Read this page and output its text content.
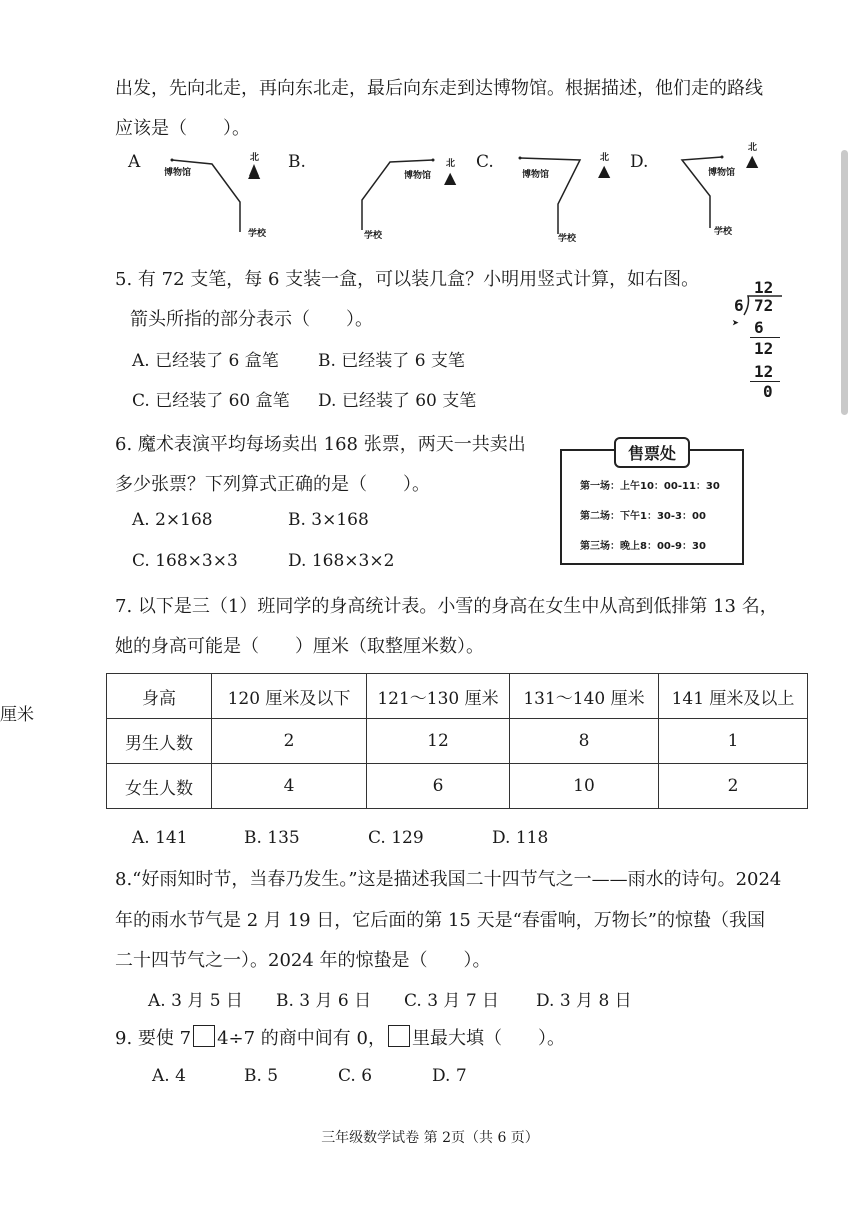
厘米
出发，先向北走，再向东北走，最后向东走到达博物馆。根据描述，他们走的路线
应该是（　　）。
A
博物馆
学校
北
▲ B.
博物馆
学校
北
▲
C.
博物馆
学校
北
▲ D.
博物馆
学校
北
▲
5. 有 72 支笔，每 6 支装一盒，可以装几盒？小明用竖式计算，如右图。
箭头所指的部分表示（　　）。
A. 已经装了 6 盒笔 B. 已经装了 6 支笔
C. 已经装了 60 盒笔 D. 已经装了 60 支笔
12
6 72
➤ 6
12
12
0
6. 魔术表演平均每场卖出 168 张票，两天一共卖出
多少张票？下列算式正确的是（　　）。
A. 2×168	B. 3×168
C. 168×3×3	D. 168×3×2
售票处
第一场：上午10：00-11：30
第二场：下午1：30-3：00
第三场：晚上8：00-9：30
7. 以下是三（1）班同学的身高统计表。小雪的身高在女生中从高到低排第 13 名，
她的身高可能是（　　）厘米（取整厘米数）。
身高	120 厘米及以下	121～130 厘米	131～140 厘米	141 厘米及以上
男生人数	2	12	8	1
女生人数	4	6	10	2
A. 141	B. 135	C. 129	D. 118
8.“好雨知时节，当春乃发生。”这是描述我国二十四节气之一——雨水的诗句。2024
年的雨水节气是 2 月 19 日，它后面的第 15 天是“春雷响，万物长”的惊蛰（我国
二十四节气之一）。2024 年的惊蛰是（　　）。
A. 3 月 5 日 B. 3 月 6 日 C. 3 月 7 日 D. 3 月 8 日
9. 要使 7 4÷7 的商中间有 0， 里最大填（　　）。
A. 4	B. 5	C. 6	D. 7
三年级数学试卷 第 2页（共 6 页）
